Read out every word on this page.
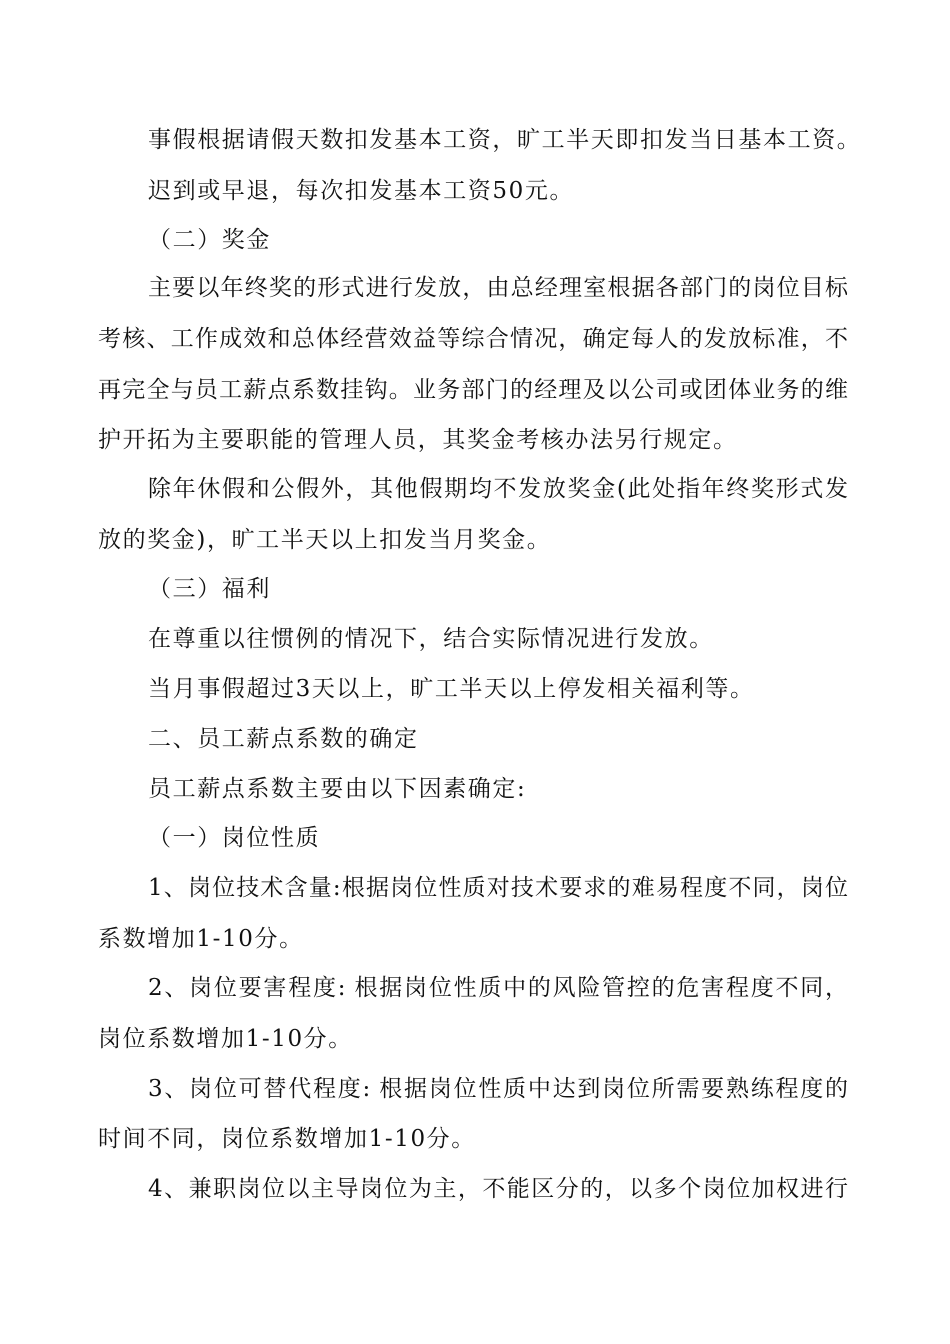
事假根据请假天数扣发基本工资，旷工半天即扣发当日基本工资。
迟到或早退，每次扣发基本工资50元。
（二）奖金
主要以年终奖的形式进行发放，由总经理室根据各部门的岗位目标
考核、工作成效和总体经营效益等综合情况，确定每人的发放标准，不
再完全与员工薪点系数挂钩。业务部门的经理及以公司或团体业务的维
护开拓为主要职能的管理人员，其奖金考核办法另行规定。
除年休假和公假外，其他假期均不发放奖金(此处指年终奖形式发
放的奖金)，旷工半天以上扣发当月奖金。
（三）福利
在尊重以往惯例的情况下，结合实际情况进行发放。
当月事假超过3天以上，旷工半天以上停发相关福利等。
二、员工薪点系数的确定
员工薪点系数主要由以下因素确定:
（一）岗位性质
1、岗位技术含量:根据岗位性质对技术要求的难易程度不同，岗位
系数增加1-10分。
2、岗位要害程度: 根据岗位性质中的风险管控的危害程度不同，
岗位系数增加1-10分。
3、岗位可替代程度: 根据岗位性质中达到岗位所需要熟练程度的
时间不同，岗位系数增加1-10分。
4、兼职岗位以主导岗位为主，不能区分的，以多个岗位加权进行
